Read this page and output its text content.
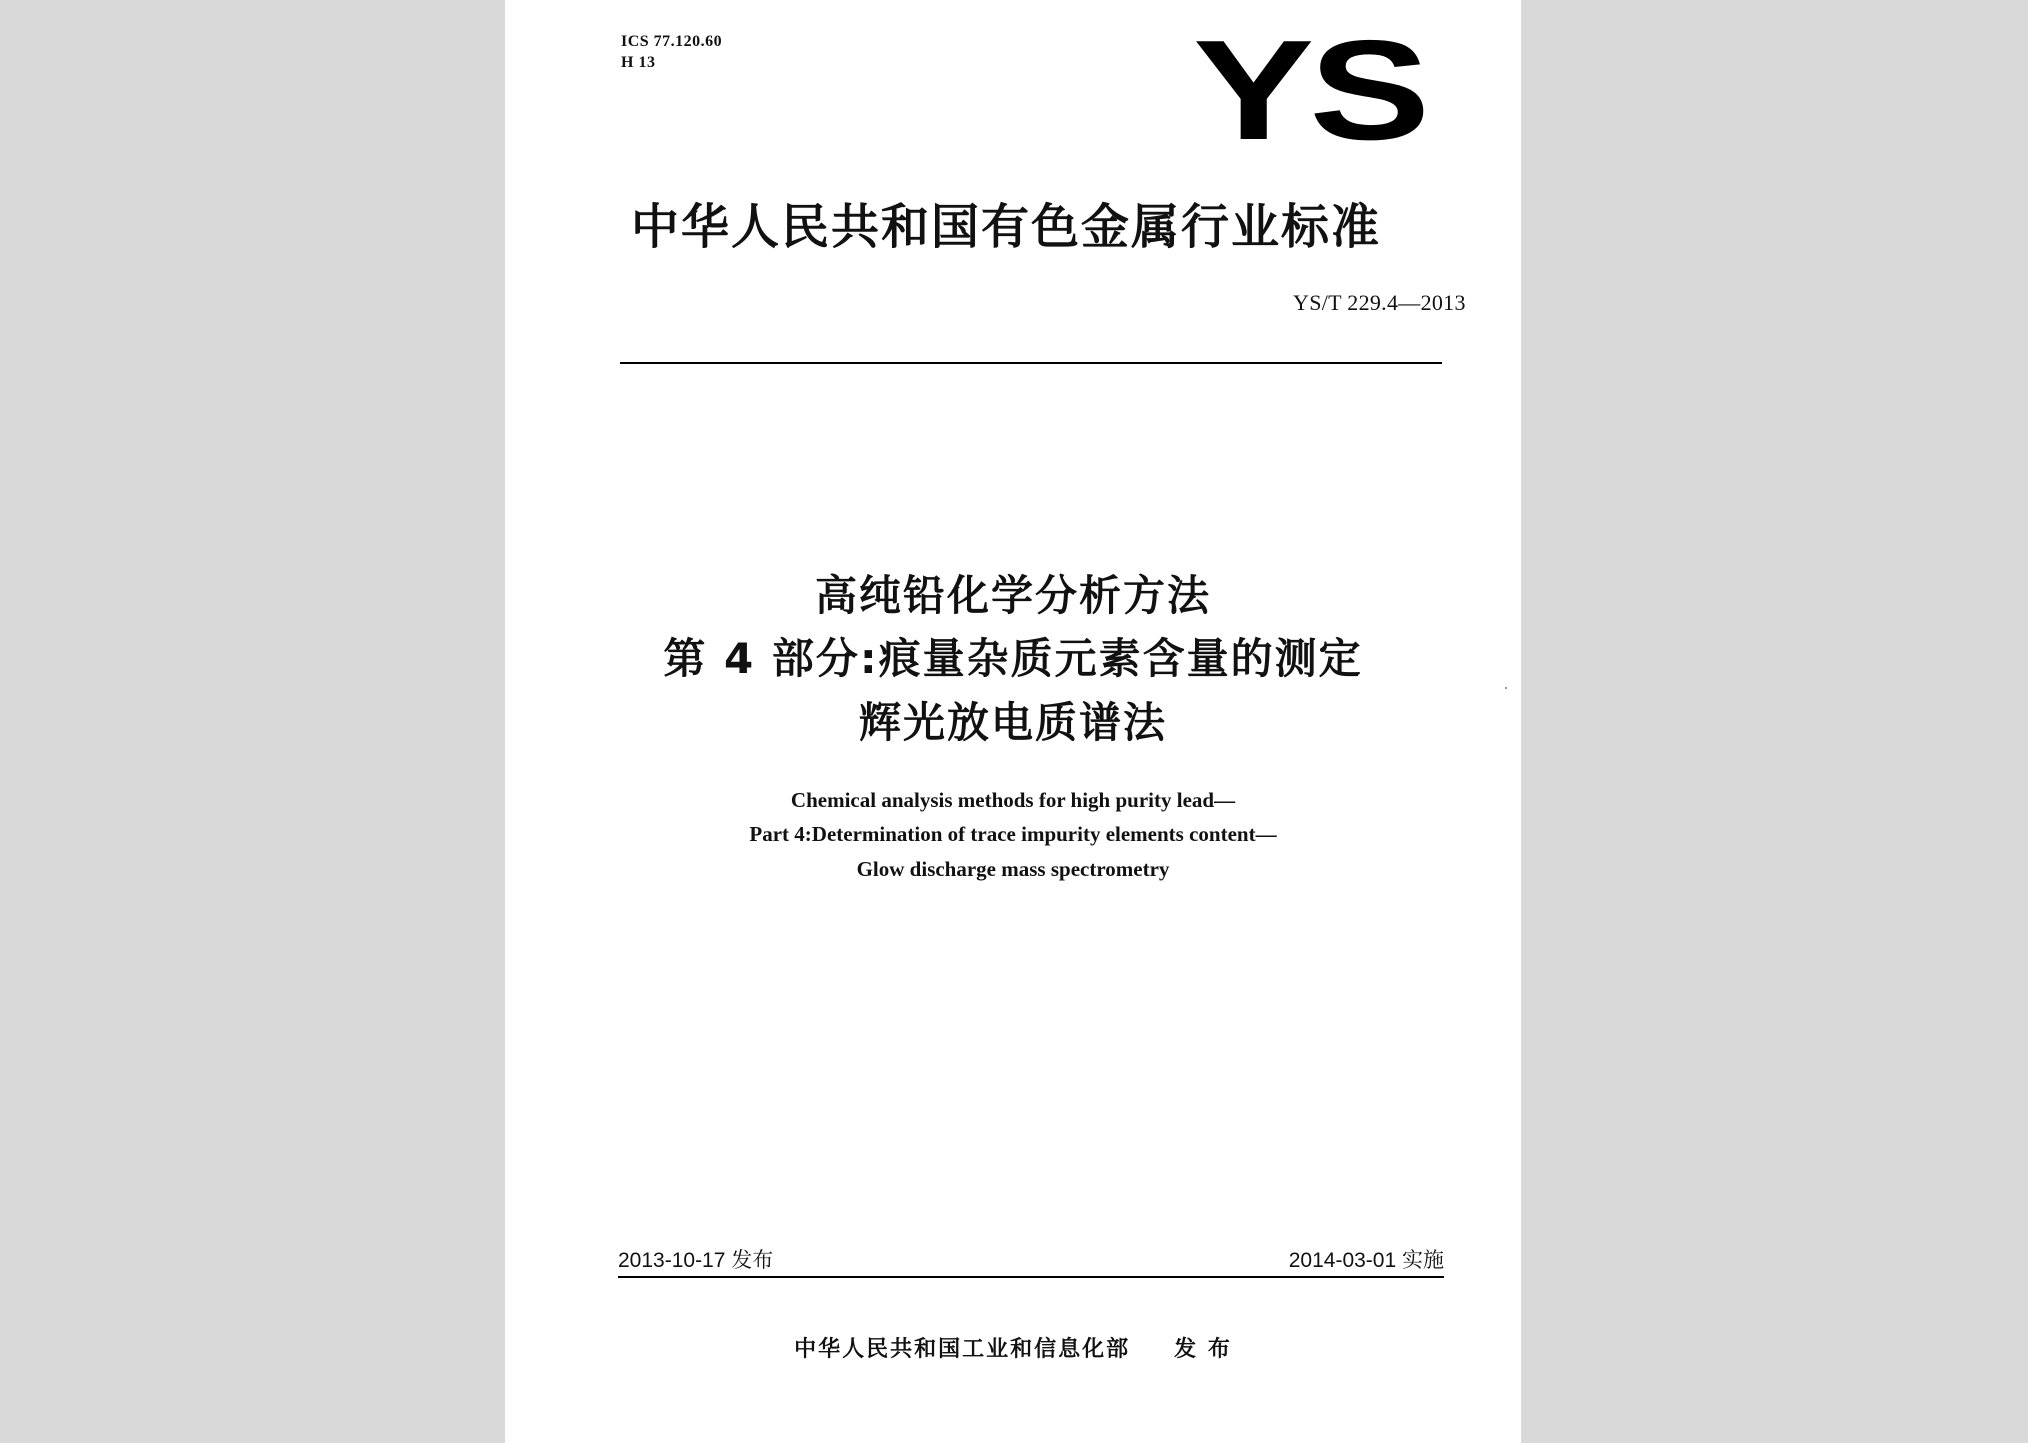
ICS 77.120.60
H 13	YS
中华人民共和国有色金属行业标准
YS/T 229.4—2013
高纯铅化学分析方法
第 4 部分:痕量杂质元素含量的测定
辉光放电质谱法
Chemical analysis methods for high purity lead—
Part 4:Determination of trace impurity elements content—
Glow discharge mass spectrometry
2013-10-17 发布	2014-03-01 实施
中华人民共和国工业和信息化部 发 布
